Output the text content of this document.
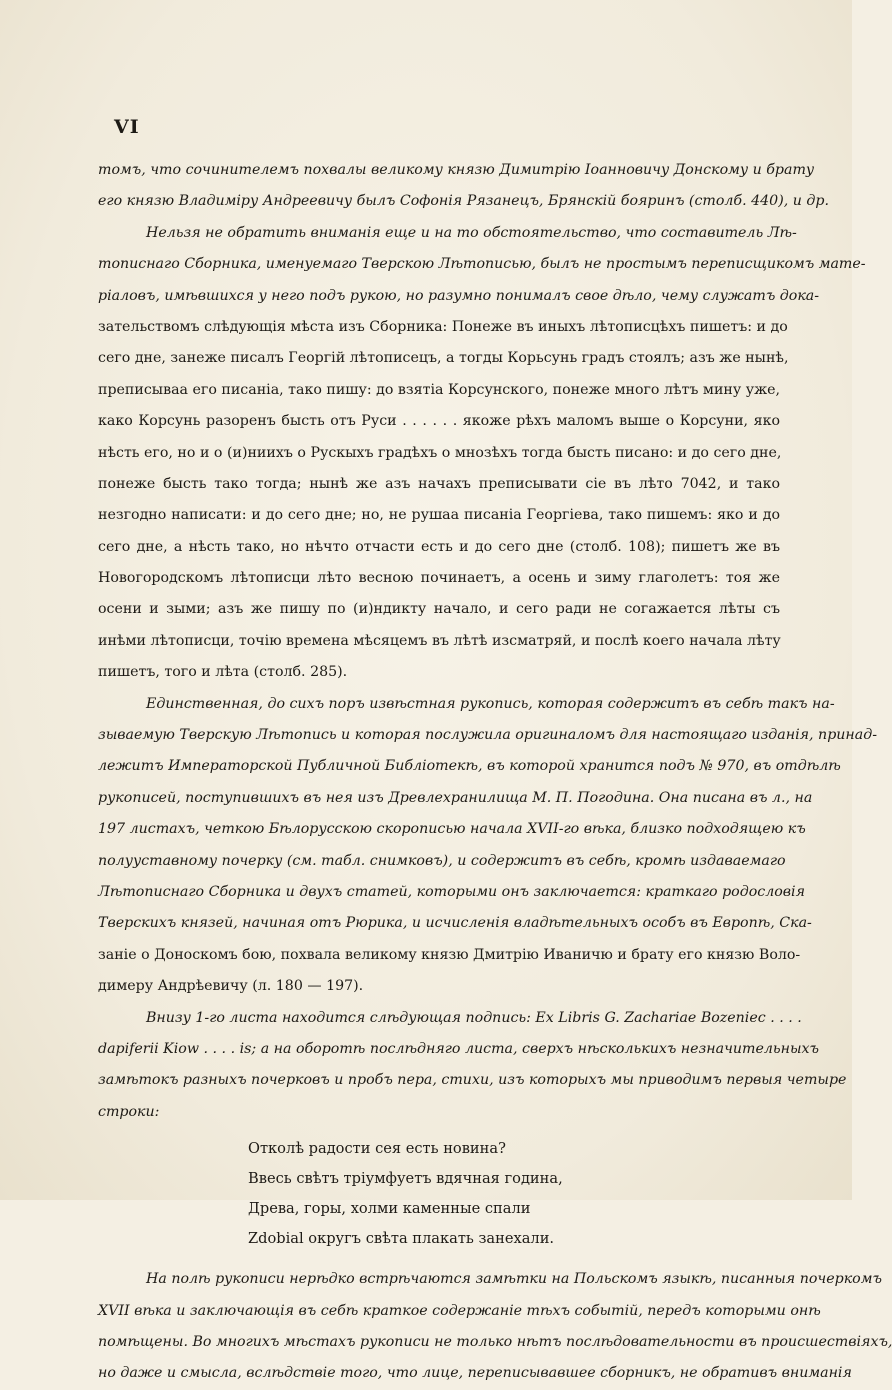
VI
томъ, что сочинителемъ похвалы великому князю Димитрію Іоанновичу Донскому и брату
его князю Владиміру Андреевичу былъ Софонія Рязанецъ, Брянскій бояринъ (столб. 440), и др.
Нельзя не обратить вниманія еще и на то обстоятельство, что составитель Лѣ-
тописнаго Сборника, именуемаго Тверскою Лѣтописью, былъ не простымъ переписщикомъ мате-
ріаловъ, имѣвшихся у него подъ рукою, но разумно понималъ свое дѣло, чему служатъ дока-
зательствомъ слѣдующія мѣста изъ Сборника: Понеже въ иныхъ лѣтописцѣхъ пишетъ: и до
сего дне, занеже писалъ Георгій лѣтописецъ, а тогды Корьсунь градъ стоялъ; азъ же нынѣ,
преписываа его писаніа, тако пишу: до взятіа Корсунского, понеже много лѣтъ мину уже,
како Корсунь разоренъ бысть отъ Руси . . . . . . якоже рѣхъ маломъ выше о Корсуни, яко
нѣсть его, но и о (и)ниихъ о Рускыхъ градѣхъ о мнозѣхъ тогда бысть писано: и до сего дне,
понеже бысть тако тогда; нынѣ же азъ начахъ преписывати сіе въ лѣто 7042, и тако
незгодно написати: и до сего дне; но, не рушаа писаніа Георгіева, тако пишемъ: яко и до
сего дне, а нѣсть тако, но нѣчто отчасти есть и до сего дне (столб. 108); пишетъ же въ
Новогородскомъ лѣтописци лѣто весною починаетъ, а осень и зиму глаголетъ: тоя же
осени и зыми; азъ же пишу по (и)ндикту начало, и сего ради не согажается лѣты съ
инѣми лѣтописци, точію времена мѣсяцемъ въ лѣтѣ изсматряй, и послѣ коего начала лѣту
пишетъ, того и лѣта (столб. 285).
Единственная, до сихъ поръ извѣстная рукопись, которая содержитъ въ себѣ такъ на-
зываемую Тверскую Лѣтопись и которая послужила оригиналомъ для настоящаго изданія, принад-
лежитъ Императорской Публичной Библіотекѣ, въ которой хранится подъ № 970, въ отдѣлѣ
рукописей, поступившихъ въ нея изъ Древлехранилища М. П. Погодина. Она писана въ л., на
197 листахъ, четкою Бѣлорусскою скорописью начала XVII-го вѣка, близко подходящею къ
полууставному почерку (см. табл. снимковъ), и содержитъ въ себѣ, кромѣ издаваемаго
Лѣтописнаго Сборника и двухъ статей, которыми онъ заключается: краткаго родословія
Тверскихъ князей, начиная отъ Рюрика, и исчисленія владѣтельныхъ особъ въ Европѣ, Ска-
заніе о Доноскомъ бою, похвала великому князю Дмитрію Иваничю и брату его князю Воло-
димеру Андрѣевичу (л. 180 — 197).
Внизу 1-го листа находится слѣдующая подпись: Ex Libris G. Zachariae Bozeniec . . . .
dapiferii Kiow . . . . is; а на оборотѣ послѣдняго листа, сверхъ нѣсколькихъ незначительныхъ
замѣтокъ разныхъ почерковъ и пробъ пера, стихи, изъ которыхъ мы приводимъ первыя четыре
строки:
Отколѣ радости сея есть новина?
Ввесь свѣтъ тріумфуетъ вдячная година,
Древа, горы, холми каменные спали
Zdobial округъ свѣта плакать занехали.
На полѣ рукописи нерѣдко встрѣчаются замѣтки на Польскомъ языкѣ, писанныя почеркомъ
XVII вѣка и заключающія въ себѣ краткое содержаніе тѣхъ событій, передъ которыми онѣ
помѣщены. Во многихъ мѣстахъ рукописи не только нѣтъ послѣдовательности въ происшествіяхъ,
но даже и смысла, вслѣдствіе того, что лице, переписывавшее сборникъ, не обративъ вниманія
